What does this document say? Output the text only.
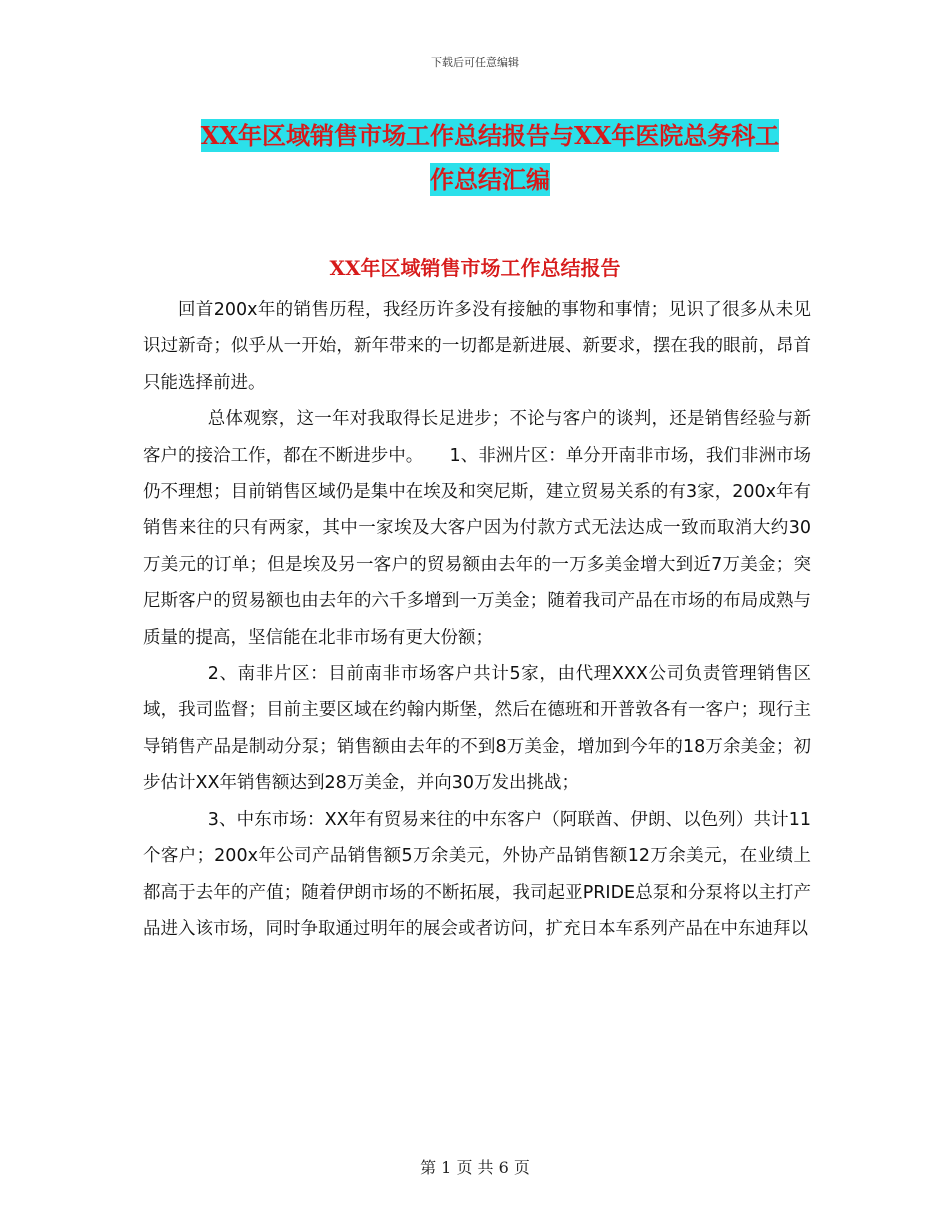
下载后可任意编辑
XX年区域销售市场工作总结报告与XX年医院总务科工
作总结汇编
XX年区域销售市场工作总结报告

回首200x年的销售历程，我经历许多没有接触的事物和事情；见识了很多从未见识过新奇；似乎从一开始，新年带来的一切都是新进展、新要求，摆在我的眼前，昂首只能选择前进。

总体观察，这一年对我取得长足进步；不论与客户的谈判，还是销售经验与新客户的接洽工作，都在不断进步中。　　1、非洲片区：单分开南非市场，我们非洲市场仍不理想；目前销售区域仍是集中在埃及和突尼斯，建立贸易关系的有3家，200x年有销售来往的只有两家，其中一家埃及大客户因为付款方式无法达成一致而取消大约30万美元的订单；但是埃及另一客户的贸易额由去年的一万多美金增大到近7万美金；突尼斯客户的贸易额也由去年的六千多增到一万美金；随着我司产品在市场的布局成熟与质量的提高，坚信能在北非市场有更大份额；

2、南非片区：目前南非市场客户共计5家，由代理XXX公司负责管理销售区域，我司监督；目前主要区域在约翰内斯堡，然后在德班和开普敦各有一客户；现行主导销售产品是制动分泵；销售额由去年的不到8万美金，增加到今年的18万余美金；初步估计XX年销售额达到28万美金，并向30万发出挑战；

3、中东市场：XX年有贸易来往的中东客户（阿联酋、伊朗、以色列）共计11个客户；200x年公司产品销售额5万余美元，外协产品销售额12万余美元，在业绩上都高于去年的产值；随着伊朗市场的不断拓展，我司起亚PRIDE总泵和分泵将以主打产品进入该市场，同时争取通过明年的展会或者访问，扩充日本车系列产品在中东迪拜以

第 1 页 共 6 页
